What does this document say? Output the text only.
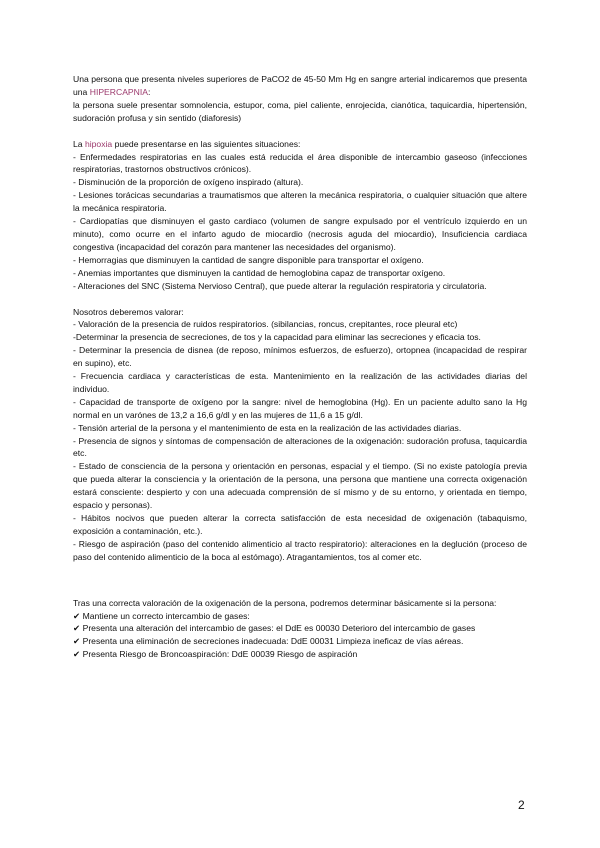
Una persona que presenta niveles superiores de PaCO2 de 45-50 Mm Hg en sangre arterial indicaremos que presenta una HIPERCAPNIA:

la persona suele presentar somnolencia, estupor, coma, piel caliente, enrojecida, cianótica, taquicardia, hipertensión, sudoración profusa y sin sentido (diaforesis)

La hipoxia puede presentarse en las siguientes situaciones:

- Enfermedades respiratorias en las cuales está reducida el área disponible de intercambio gaseoso (infecciones respiratorias, trastornos obstructivos crónicos).

- Disminución de la proporción de oxígeno inspirado (altura).

- Lesiones torácicas secundarias a traumatismos que alteren la mecánica respiratoria, o cualquier situación que altere la mecánica respiratoria.

- Cardiopatías que disminuyen el gasto cardiaco (volumen de sangre expulsado por el ventrículo izquierdo en un minuto), como ocurre en el infarto agudo de miocardio (necrosis aguda del miocardio), Insuficiencia cardiaca congestiva (incapacidad del corazón para mantener las necesidades del organismo).

- Hemorragias que disminuyen la cantidad de sangre disponible para transportar el oxígeno.

- Anemias importantes que disminuyen la cantidad de hemoglobina capaz de transportar oxígeno.

- Alteraciones del SNC (Sistema Nervioso Central), que puede alterar la regulación respiratoria y circulatoria.

Nosotros deberemos valorar:

- Valoración de la presencia de ruidos respiratorios. (sibilancias, roncus, crepitantes, roce pleural etc)

-Determinar la presencia de secreciones, de tos y la capacidad para eliminar las secreciones y eficacia tos.

- Determinar la presencia de disnea (de reposo, mínimos esfuerzos, de esfuerzo), ortopnea (incapacidad de respirar en supino), etc.

- Frecuencia cardiaca y características de esta. Mantenimiento en la realización de las actividades diarias del individuo.

- Capacidad de transporte de oxígeno por la sangre: nivel de hemoglobina (Hg). En un paciente adulto sano la Hg normal en un varónes de 13,2 a 16,6 g/dl y en las mujeres de 11,6 a 15 g/dl.

- Tensión arterial de la persona y el mantenimiento de esta en la realización de las actividades diarias.

- Presencia de signos y síntomas de compensación de alteraciones de la oxigenación: sudoración profusa, taquicardia etc.

- Estado de consciencia de la persona y orientación en personas, espacial y el tiempo. (Si no existe patología previa que pueda alterar la consciencia y la orientación de la persona, una persona que mantiene una correcta oxigenación estará consciente: despierto y con una adecuada comprensión de sí mismo y de su entorno, y orientada en tiempo, espacio y personas).

- Hábitos nocivos que pueden alterar la correcta satisfacción de esta necesidad de oxigenación (tabaquismo, exposición a contaminación, etc.).

- Riesgo de aspiración (paso del contenido alimenticio al tracto respiratorio): alteraciones en la deglución (proceso de paso del contenido alimenticio de la boca al estómago). Atragantamientos, tos al comer etc.

Tras una correcta valoración de la oxigenación de la persona, podremos determinar básicamente si la persona:

✔ Mantiene un correcto intercambio de gases:

✔ Presenta una alteración del intercambio de gases: el DdE es 00030 Deterioro del intercambio de gases

✔ Presenta una eliminación de secreciones inadecuada: DdE 00031 Limpieza ineficaz de vías aéreas.

✔ Presenta Riesgo de Broncoaspiración: DdE 00039 Riesgo de aspiración

2
